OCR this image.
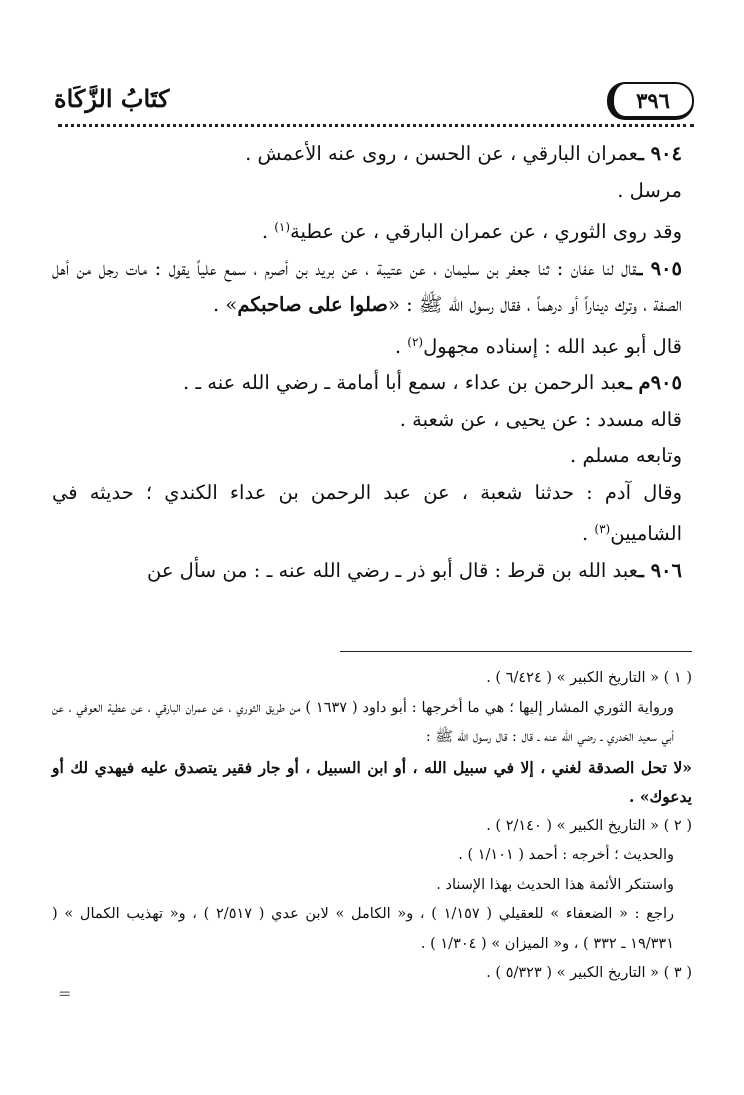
٣٩٦
كتَابُ الزَّكَاة

٩٠٤ ـعمران البارقي ، عن الحسن ، روى عنه الأعمش .

مرسل .

وقد روى الثوري ، عن عمران البارقي ، عن عطية$^{(١)}$ .

٩٠٥ ـقال لنا عفان : ثنا جعفر بن سليمان ، عن عتيبة ، عن بريد بن أصرم ، سمع علياً يقول : مات رجل من أهل الصفة ، وترك ديناراً أو درهماً ، فقال رسول الله ﷺ : «صلوا على صاحبكم» .

قال أبو عبد الله : إسناده مجهول$^{(٢)}$ .

٩٠٥م ـعبد الرحمن بن عداء ، سمع أبا أمامة ـ رضي الله عنه ـ .

قاله مسدد : عن يحيى ، عن شعبة .

وتابعه مسلم .

وقال آدم : حدثنا شعبة ، عن عبد الرحمن بن عداء الكندي ؛ حديثه في الشاميين$^{(٣)}$ .

٩٠٦ ـعبد الله بن قرط : قال أبو ذر ـ رضي الله عنه ـ : من سأل عن

( ١ ) « التاريخ الكبير » ( ٦/٤٢٤ ) .

ورواية الثوري المشار إليها ؛ هي ما أخرجها : أبو داود ( ١٦٣٧ ) من طريق الثوري ، عن عمران البارقي ، عن عطية العوفي ، عن أبي سعيد الخدري ـ رضي الله عنه ـ قال : قال رسول الله ﷺ :

«لا تحل الصدقة لغني ، إلا في سبيل الله ، أو ابن السبيل ، أو جار فقير يتصدق عليه فيهدي لك أو يدعوك» .

( ٢ ) « التاريخ الكبير » ( ٢/١٤٠ ) .

والحديث ؛ أخرجه : أحمد ( ١/١٠١ ) .

واستنكر الأئمة هذا الحديث بهذا الإسناد .

راجع : « الضعفاء » للعقيلي ( ١/١٥٧ ) ، و« الكامل » لابن عدي ( ٢/٥١٧ ) ، و« تهذيب الكمال » ( ١٩/٣٣١ ـ ٣٣٢ ) ، و« الميزان » ( ١/٣٠٤ ) .

( ٣ ) « التاريخ الكبير » ( ٥/٣٢٣ ) .

=
